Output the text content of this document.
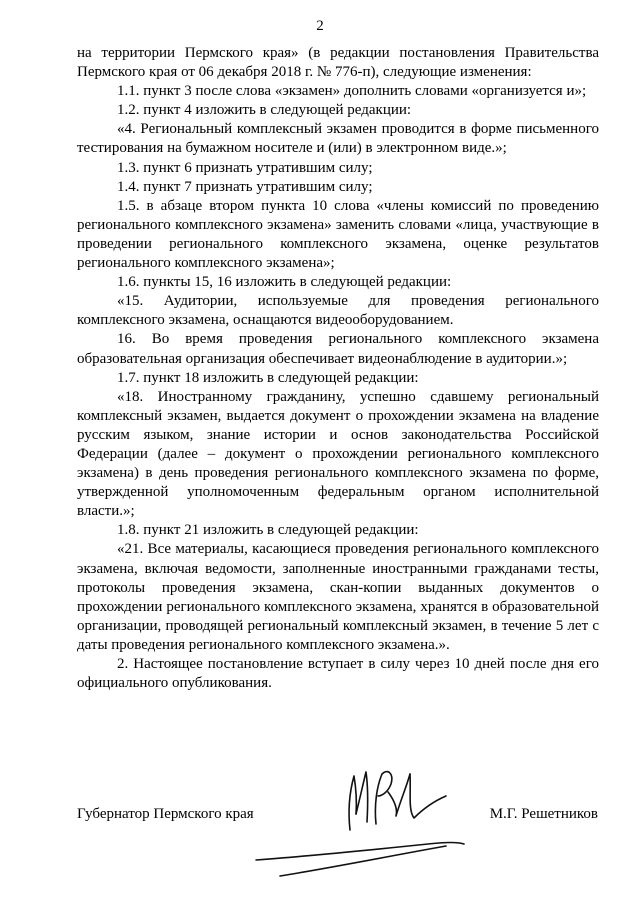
2

на территории Пермского края» (в редакции постановления Правительства Пермского края от 06 декабря 2018 г. № 776-п), следующие изменения:

1.1. пункт 3 после слова «экзамен» дополнить словами «организуется и»;

1.2. пункт 4 изложить в следующей редакции:

«4. Региональный комплексный экзамен проводится в форме письменного тестирования на бумажном носителе и (или) в электронном виде.»;

1.3. пункт 6 признать утратившим силу;

1.4. пункт 7 признать утратившим силу;

1.5. в абзаце втором пункта 10 слова «члены комиссий по проведению регионального комплексного экзамена» заменить словами «лица, участвующие в проведении регионального комплексного экзамена, оценке результатов регионального комплексного экзамена»;

1.6. пункты 15, 16 изложить в следующей редакции:

«15. Аудитории, используемые для проведения регионального комплексного экзамена, оснащаются видеооборудованием.

16. Во время проведения регионального комплексного экзамена образовательная организация обеспечивает видеонаблюдение в аудитории.»;

1.7. пункт 18 изложить в следующей редакции:

«18. Иностранному гражданину, успешно сдавшему региональный комплексный экзамен, выдается документ о прохождении экзамена на владение русским языком, знание истории и основ законодательства Российской Федерации (далее – документ о прохождении регионального комплексного экзамена) в день проведения регионального комплексного экзамена по форме, утвержденной уполномоченным федеральным органом исполнительной власти.»;

1.8. пункт 21 изложить в следующей редакции:

«21. Все материалы, касающиеся проведения регионального комплексного экзамена, включая ведомости, заполненные иностранными гражданами тесты, протоколы проведения экзамена, скан-копии выданных документов о прохождении регионального комплексного экзамена, хранятся в образовательной организации, проводящей региональный комплексный экзамен, в течение 5 лет с даты проведения регионального комплексного экзамена.».

2. Настоящее постановление вступает в силу через 10 дней после дня его официального опубликования.

Губернатор Пермского края	М.Г. Решетников
